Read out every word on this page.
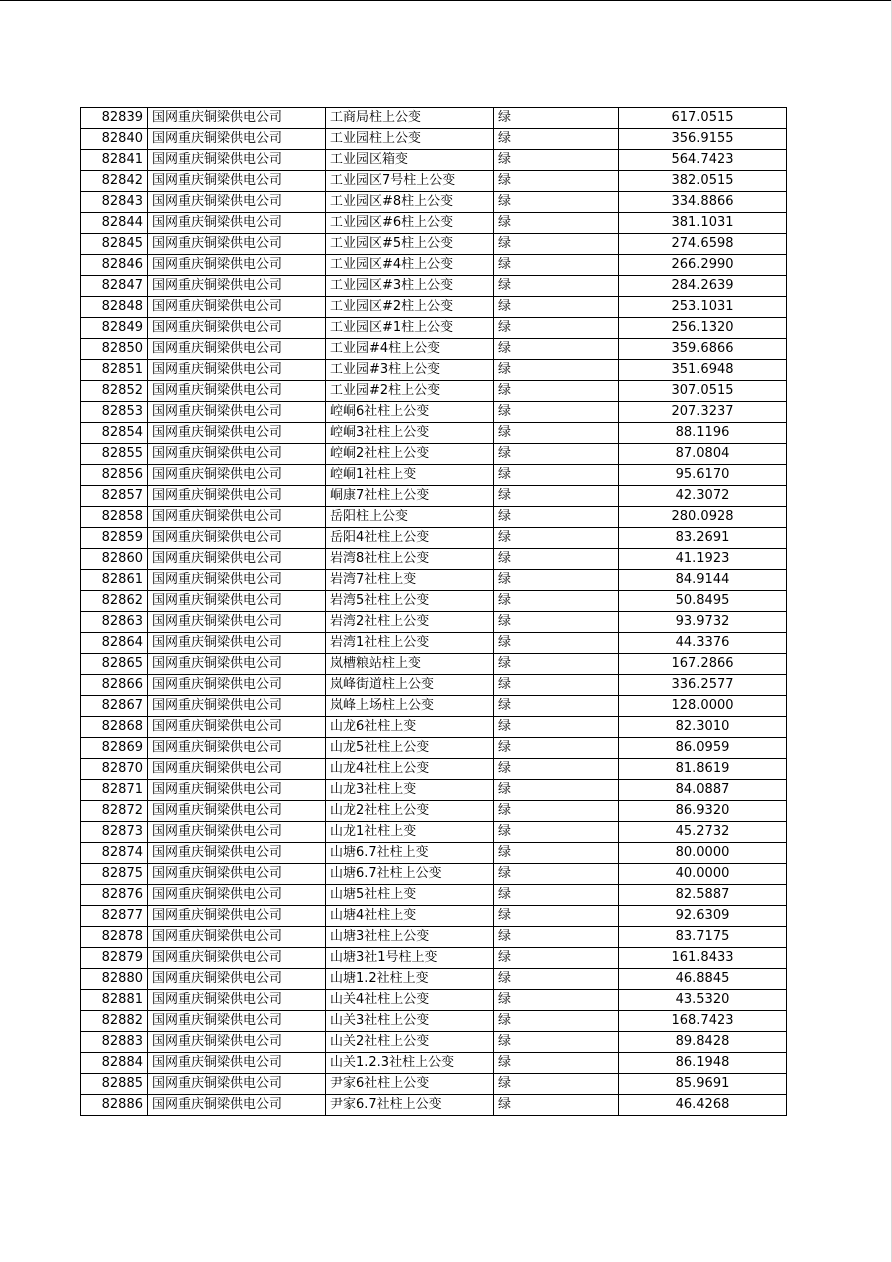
82839	国网重庆铜梁供电公司	工商局柱上公变	绿	617.0515
82840	国网重庆铜梁供电公司	工业园柱上公变	绿	356.9155
82841	国网重庆铜梁供电公司	工业园区箱变	绿	564.7423
82842	国网重庆铜梁供电公司	工业园区7号柱上公变	绿	382.0515
82843	国网重庆铜梁供电公司	工业园区#8柱上公变	绿	334.8866
82844	国网重庆铜梁供电公司	工业园区#6柱上公变	绿	381.1031
82845	国网重庆铜梁供电公司	工业园区#5柱上公变	绿	274.6598
82846	国网重庆铜梁供电公司	工业园区#4柱上公变	绿	266.2990
82847	国网重庆铜梁供电公司	工业园区#3柱上公变	绿	284.2639
82848	国网重庆铜梁供电公司	工业园区#2柱上公变	绿	253.1031
82849	国网重庆铜梁供电公司	工业园区#1柱上公变	绿	256.1320
82850	国网重庆铜梁供电公司	工业园#4柱上公变	绿	359.6866
82851	国网重庆铜梁供电公司	工业园#3柱上公变	绿	351.6948
82852	国网重庆铜梁供电公司	工业园#2柱上公变	绿	307.0515
82853	国网重庆铜梁供电公司	崆峒6社柱上公变	绿	207.3237
82854	国网重庆铜梁供电公司	崆峒3社柱上公变	绿	88.1196
82855	国网重庆铜梁供电公司	崆峒2社柱上公变	绿	87.0804
82856	国网重庆铜梁供电公司	崆峒1社柱上变	绿	95.6170
82857	国网重庆铜梁供电公司	峒康7社柱上公变	绿	42.3072
82858	国网重庆铜梁供电公司	岳阳柱上公变	绿	280.0928
82859	国网重庆铜梁供电公司	岳阳4社柱上公变	绿	83.2691
82860	国网重庆铜梁供电公司	岩湾8社柱上公变	绿	41.1923
82861	国网重庆铜梁供电公司	岩湾7社柱上变	绿	84.9144
82862	国网重庆铜梁供电公司	岩湾5社柱上公变	绿	50.8495
82863	国网重庆铜梁供电公司	岩湾2社柱上公变	绿	93.9732
82864	国网重庆铜梁供电公司	岩湾1社柱上公变	绿	44.3376
82865	国网重庆铜梁供电公司	岚槽粮站柱上变	绿	167.2866
82866	国网重庆铜梁供电公司	岚峰街道柱上公变	绿	336.2577
82867	国网重庆铜梁供电公司	岚峰上场柱上公变	绿	128.0000
82868	国网重庆铜梁供电公司	山龙6社柱上变	绿	82.3010
82869	国网重庆铜梁供电公司	山龙5社柱上公变	绿	86.0959
82870	国网重庆铜梁供电公司	山龙4社柱上公变	绿	81.8619
82871	国网重庆铜梁供电公司	山龙3社柱上变	绿	84.0887
82872	国网重庆铜梁供电公司	山龙2社柱上公变	绿	86.9320
82873	国网重庆铜梁供电公司	山龙1社柱上变	绿	45.2732
82874	国网重庆铜梁供电公司	山塘6.7社柱上变	绿	80.0000
82875	国网重庆铜梁供电公司	山塘6.7社柱上公变	绿	40.0000
82876	国网重庆铜梁供电公司	山塘5社柱上变	绿	82.5887
82877	国网重庆铜梁供电公司	山塘4社柱上变	绿	92.6309
82878	国网重庆铜梁供电公司	山塘3社柱上公变	绿	83.7175
82879	国网重庆铜梁供电公司	山塘3社1号柱上变	绿	161.8433
82880	国网重庆铜梁供电公司	山塘1.2社柱上变	绿	46.8845
82881	国网重庆铜梁供电公司	山关4社柱上公变	绿	43.5320
82882	国网重庆铜梁供电公司	山关3社柱上公变	绿	168.7423
82883	国网重庆铜梁供电公司	山关2社柱上公变	绿	89.8428
82884	国网重庆铜梁供电公司	山关1.2.3社柱上公变	绿	86.1948
82885	国网重庆铜梁供电公司	尹家6社柱上公变	绿	85.9691
82886	国网重庆铜梁供电公司	尹家6.7社柱上公变	绿	46.4268
